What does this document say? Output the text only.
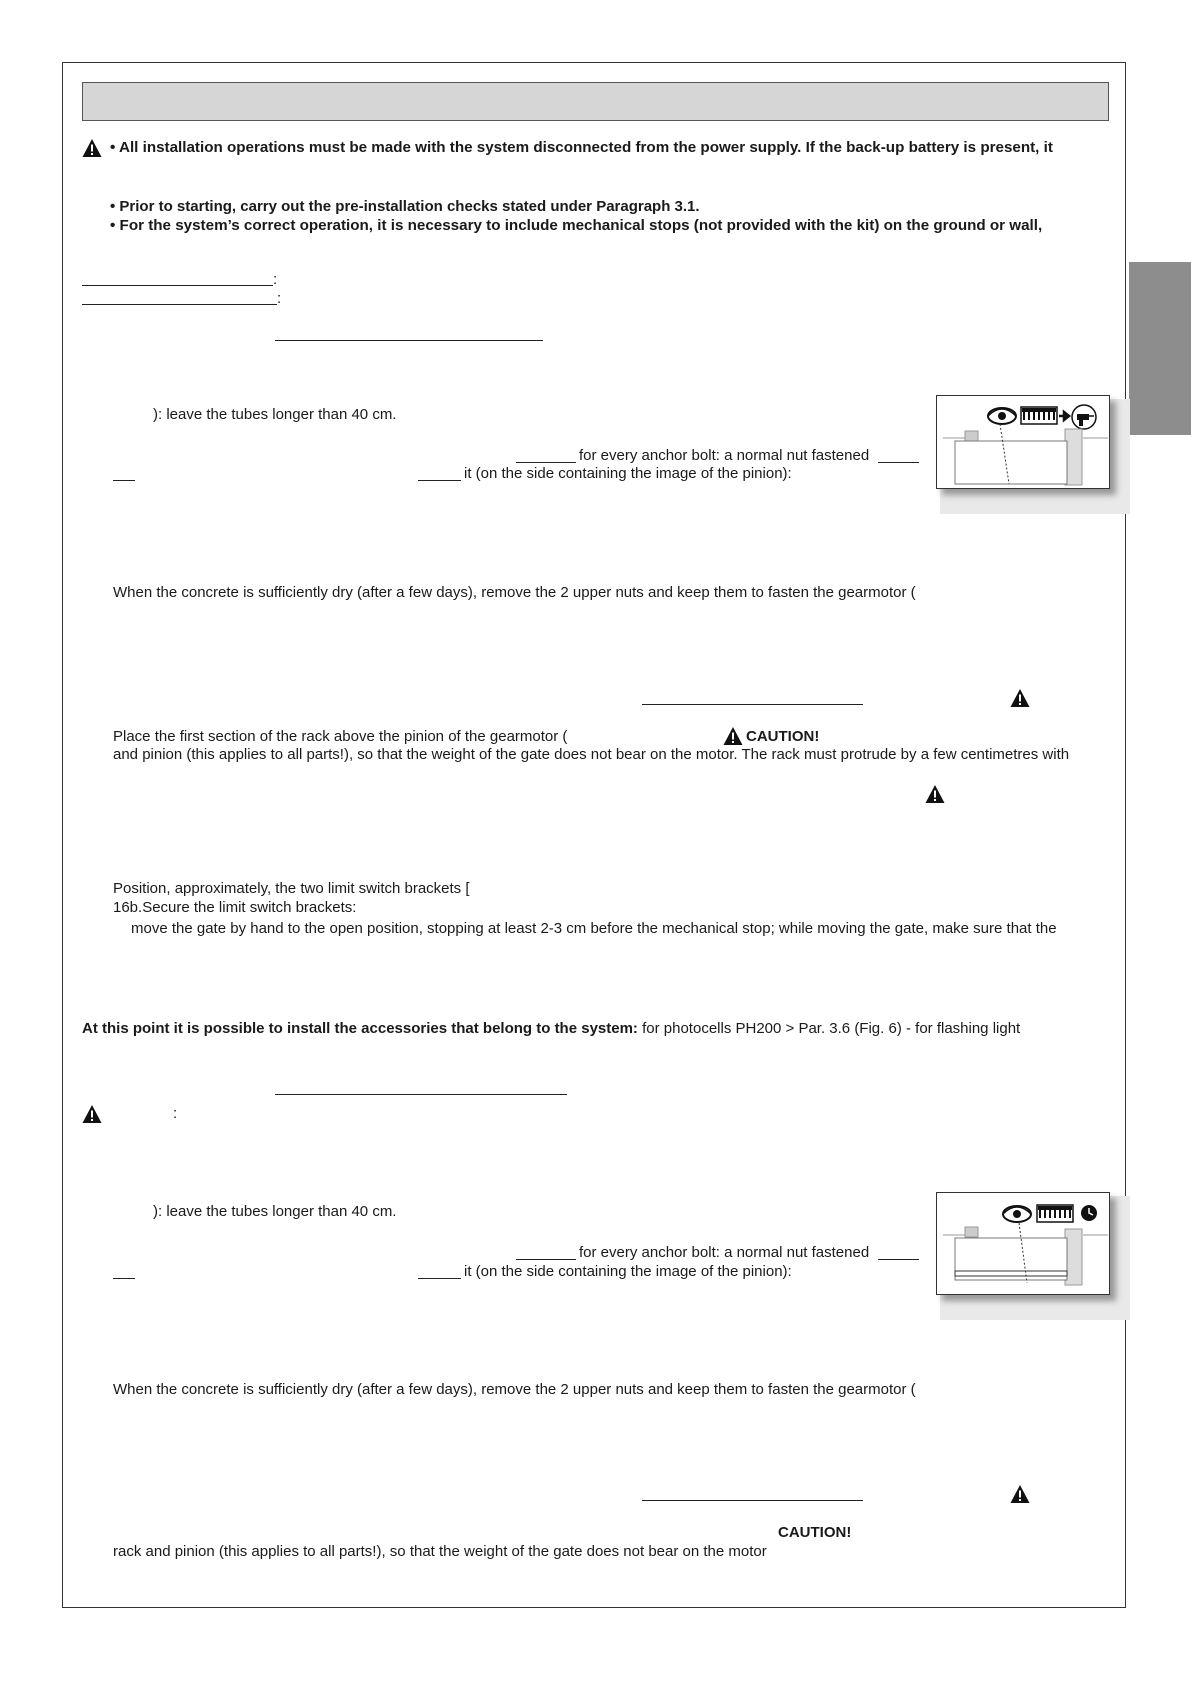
• All installation operations must be made with the system disconnected from the power supply. If the back-up battery is present, it
• Prior to starting, carry out the pre-installation checks stated under Paragraph 3.1.
• For the system’s correct operation, it is necessary to include mechanical stops (not provided with the kit) on the ground or wall,
:
:
): leave the tubes longer than 40 cm.
for every anchor bolt: a normal nut fastened
it (on the side containing the image of the pinion):
When the concrete is sufficiently dry (after a few days), remove the 2 upper nuts and keep them to fasten the gearmotor (
Place the first section of the rack above the pinion of the gearmotor (	CAUTION!
and pinion (this applies to all parts!), so that the weight of the gate does not bear on the motor. The rack must protrude by a few centimetres with
Position, approximately, the two limit switch brackets [
16b.Secure the limit switch brackets:
move the gate by hand to the open position, stopping at least 2-3 cm before the mechanical stop; while moving the gate, make sure that the
At this point it is possible to install the accessories that belong to the system: for photocells PH200 > Par. 3.6 (Fig. 6) - for flashing light
:
): leave the tubes longer than 40 cm.
for every anchor bolt: a normal nut fastened
it (on the side containing the image of the pinion):
When the concrete is sufficiently dry (after a few days), remove the 2 upper nuts and keep them to fasten the gearmotor (
CAUTION!
rack and pinion (this applies to all parts!), so that the weight of the gate does not bear on the motor
